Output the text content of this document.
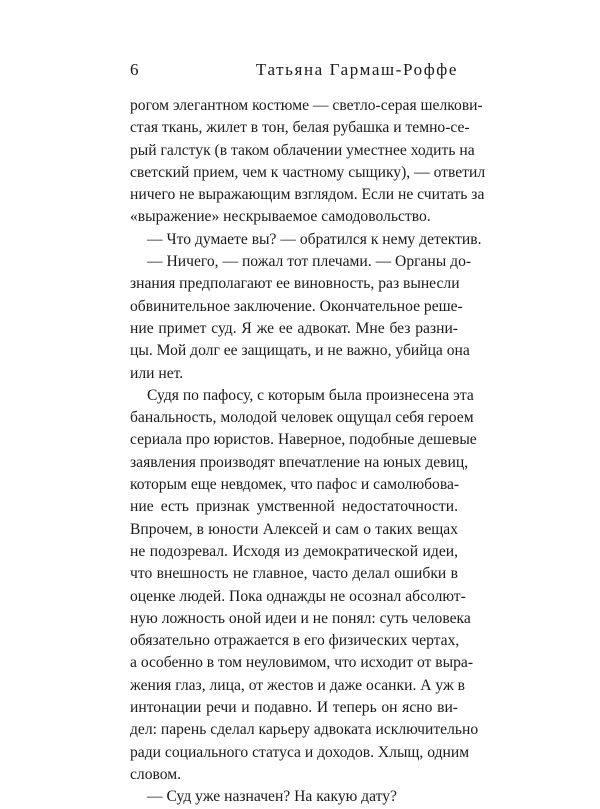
6	Татьяна Гармаш-Роффе
рогом элегантном костюме — светло-серая шелкови-
стая ткань, жилет в тон, белая рубашка и темно-се-
рый галстук (в таком облачении уместнее ходить на
светский прием, чем к частному сыщику), — ответил
ничего не выражающим взглядом. Если не считать за
«выражение» нескрываемое самодовольство.
— Что думаете вы? — обратился к нему детектив.
— Ничего, — пожал тот плечами. — Органы до-
знания предполагают ее виновность, раз вынесли
обвинительное заключение. Окончательное реше-
ние примет суд. Я же ее адвокат. Мне без разни-
цы. Мой долг ее защищать, и не важно, убийца она
или нет.
Судя по пафосу, с которым была произнесена эта
банальность, молодой человек ощущал себя героем
сериала про юристов. Наверное, подобные дешевые
заявления производят впечатление на юных девиц,
которым еще невдомек, что пафос и самолюбова-
ние есть признак умственной недостаточности.
Впрочем, в юности Алексей и сам о таких вещах
не подозревал. Исходя из демократической идеи,
что внешность не главное, часто делал ошибки в
оценке людей. Пока однажды не осознал абсолют-
ную ложность оной идеи и не понял: суть человека
обязательно отражается в его физических чертах,
а особенно в том неуловимом, что исходит от выра-
жения глаз, лица, от жестов и даже осанки. А уж в
интонации речи и подавно. И теперь он ясно ви-
дел: парень сделал карьеру адвоката исключительно
ради социального статуса и доходов. Хлыщ, одним
словом.
— Суд уже назначен? На какую дату?
